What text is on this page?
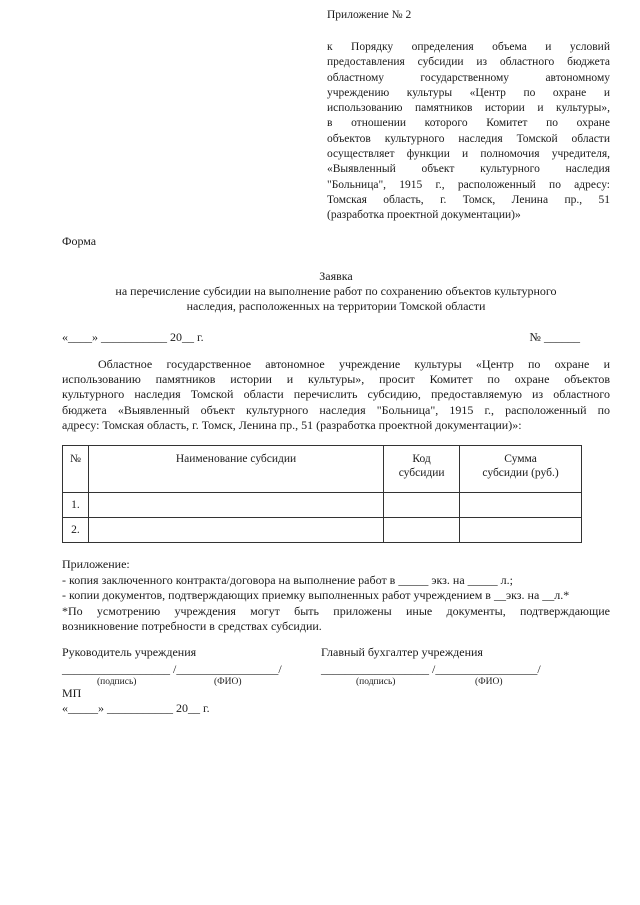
Приложение № 2
к Порядку определения объема и условий
предоставления субсидии из областного бюджета
областному государственному автономному
учреждению культуры «Центр по охране и
использованию памятников истории и культуры»,
в отношении которого Комитет по охране
объектов культурного наследия Томской области
осуществляет функции и полномочия учредителя,
«Выявленный объект культурного наследия
"Больница", 1915 г., расположенный по адресу:
Томская область, г. Томск, Ленина пр., 51
(разработка проектной документации)»
Форма
Заявка
на перечисление субсидии на выполнение работ по сохранению объектов культурного
наследия, расположенных на территории Томской области
«____» ___________ 20__ г.	№ ______
Областное государственное автономное учреждение культуры «Центр по охране и
использованию памятников истории и культуры», просит Комитет по охране объектов
культурного наследия Томской области перечислить субсидию, предоставляемую из областного
бюджета «Выявленный объект культурного наследия "Больница", 1915 г., расположенный по
адресу: Томская область, г. Томск, Ленина пр., 51 (разработка проектной документации)»:
№	Наименование субсидии	Код субсидии	Сумма субсидии (руб.)
1.			
2.			
Приложение:
- копия заключенного контракта/договора на выполнение работ в _____ экз. на _____ л.;
- копии документов, подтверждающих приемку выполненных работ учреждением в __экз. на __л.*
*По усмотрению учреждения могут быть приложены иные документы, подтверждающие
возникновение потребности в средствах субсидии.
Руководитель учреждения
__________________ /_________________/
(подпись)	(ФИО)
Главный бухгалтер учреждения
__________________ /_________________/
(подпись)	(ФИО)
МП
«_____» ___________ 20__ г.
